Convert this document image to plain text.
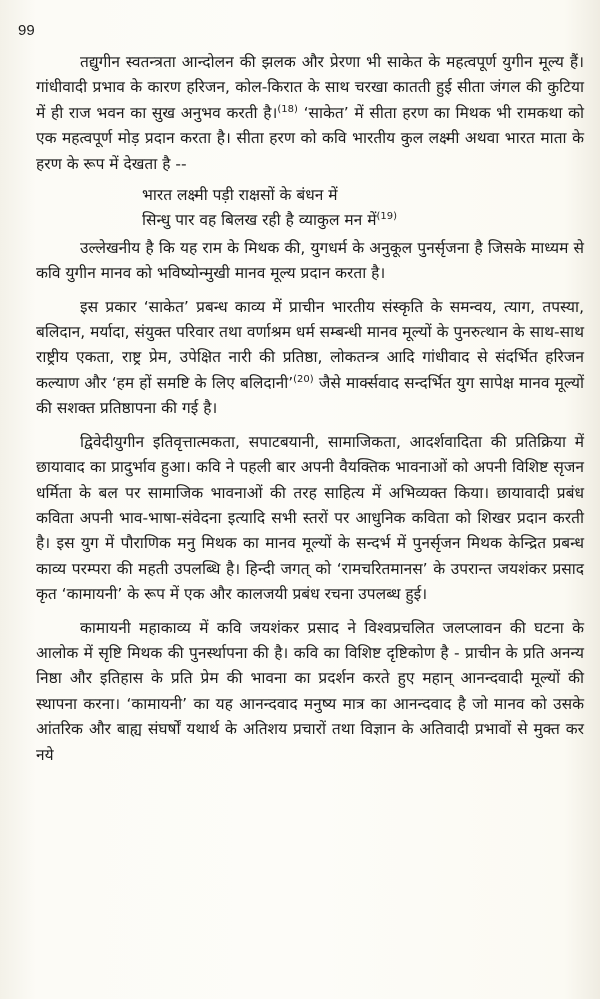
99

तद्युगीन स्वतन्त्रता आन्दोलन की झलक और प्रेरणा भी साकेत के महत्वपूर्ण युगीन मूल्य हैं। गांधीवादी प्रभाव के कारण हरिजन, कोल-किरात के साथ चरखा कातती हुई सीता जंगल की कुटिया में ही राज भवन का सुख अनुभव करती है।$^{(18)}$ ‘साकेत’ में सीता हरण का मिथक भी रामकथा को एक महत्वपूर्ण मोड़ प्रदान करता है। सीता हरण को कवि भारतीय कुल लक्ष्मी अथवा भारत माता के हरण के रूप में देखता है --

भारत लक्ष्मी पड़ी राक्षसों के बंधन में
सिन्धु पार वह बिलख रही है व्याकुल मन में$^{(19)}$

उल्लेखनीय है कि यह राम के मिथक की, युगधर्म के अनुकूल पुनर्सृजना है जिसके माध्यम से कवि युगीन मानव को भविष्योन्मुखी मानव मूल्य प्रदान करता है।

इस प्रकार ‘साकेत’ प्रबन्ध काव्य में प्राचीन भारतीय संस्कृति के समन्वय, त्याग, तपस्या, बलिदान, मर्यादा, संयुक्त परिवार तथा वर्णाश्रम धर्म सम्बन्धी मानव मूल्यों के पुनरुत्थान के साथ-साथ राष्ट्रीय एकता, राष्ट्र प्रेम, उपेक्षित नारी की प्रतिष्ठा, लोकतन्त्र आदि गांधीवाद से संदर्भित हरिजन कल्याण और ‘हम हों समष्टि के लिए बलिदानी’$^{(20)}$ जैसे मार्क्सवाद सन्दर्भित युग सापेक्ष मानव मूल्यों की सशक्त प्रतिष्ठापना की गई है।

द्विवेदीयुगीन इतिवृत्तात्मकता, सपाटबयानी, सामाजिकता, आदर्शवादिता की प्रतिक्रिया में छायावाद का प्रादुर्भाव हुआ। कवि ने पहली बार अपनी वैयक्तिक भावनाओं को अपनी विशिष्ट सृजन धर्मिता के बल पर सामाजिक भावनाओं की तरह साहित्य में अभिव्यक्त किया। छायावादी प्रबंध कविता अपनी भाव-भाषा-संवेदना इत्यादि सभी स्तरों पर आधुनिक कविता को शिखर प्रदान करती है। इस युग में पौराणिक मनु मिथक का मानव मूल्यों के सन्दर्भ में पुनर्सृजन मिथक केन्द्रित प्रबन्ध काव्य परम्परा की महती उपलब्धि है। हिन्दी जगत् को ‘रामचरितमानस’ के उपरान्त जयशंकर प्रसाद कृत ‘कामायनी’ के रूप में एक और कालजयी प्रबंध रचना उपलब्ध हुई।

कामायनी महाकाव्य में कवि जयशंकर प्रसाद ने विश्वप्रचलित जलप्लावन की घटना के आलोक में सृष्टि मिथक की पुनर्स्थापना की है। कवि का विशिष्ट दृष्टिकोण है - प्राचीन के प्रति अनन्य निष्ठा और इतिहास के प्रति प्रेम की भावना का प्रदर्शन करते हुए महान् आनन्दवादी मूल्यों की स्थापना करना। ‘कामायनी’ का यह आनन्दवाद मनुष्य मात्र का आनन्दवाद है जो मानव को उसके आंतरिक और बाह्य संघर्षों यथार्थ के अतिशय प्रचारों तथा विज्ञान के अतिवादी प्रभावों से मुक्त कर नये
